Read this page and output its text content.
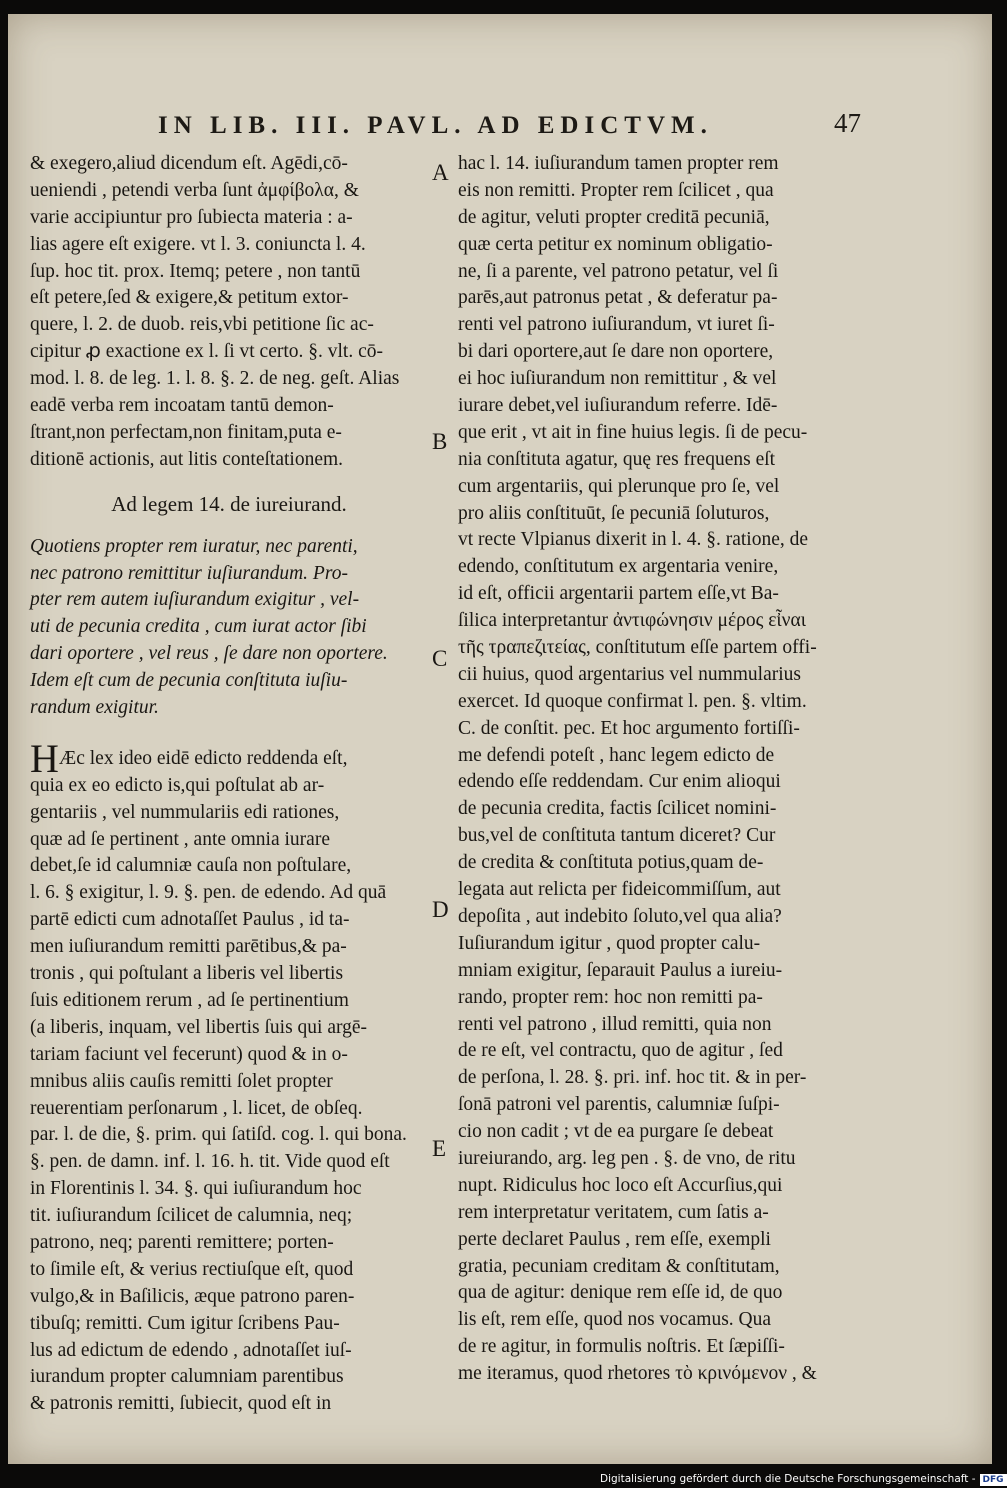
IN LIB. III. PAVL. AD EDICTVM.	47
A
B
C
D
E
& exegero,aliud dicendum eſt. Agēdi,cō-
ueniendi , petendi verba ſunt ἀμφίβολα, &
varie accipiuntur pro ſubiecta materia : a-
lias agere eſt exigere. vt l. 3. coniuncta l. 4.
ſup. hoc tit. prox. Itemq; petere , non tantū
eſt petere,ſed & exigere,& petitum extor-
quere, l. 2. de duob. reis,vbi petitione ſic ac-
cipitur ꝓ exactione ex l. ſi vt certo. §. vlt. cō-
mod. l. 8. de leg. 1. l. 8. §. 2. de neg. geſt. Alias
eadē verba rem incoatam tantū demon-
ſtrant,non perfectam,non finitam,puta e-
ditionē actionis, aut litis conteſtationem.
Ad legem 14. de iureiurand.
Quotiens propter rem iuratur, nec parenti,
nec patrono remittitur iuſiurandum. Pro-
pter rem autem iuſiurandum exigitur , vel-
uti de pecunia credita , cum iurat actor ſibi
dari oportere , vel reus , ſe dare non oportere.
Idem eſt cum de pecunia conſtituta iuſiu-
randum exigitur.
HÆc lex ideo eidē edicto reddenda eſt,
quia ex eo edicto is,qui poſtulat ab ar-
gentariis , vel nummulariis edi rationes,
quæ ad ſe pertinent , ante omnia iurare
debet,ſe id calumniæ cauſa non poſtulare,
l. 6. § exigitur, l. 9. §. pen. de edendo. Ad quā
partē edicti cum adnotaſſet Paulus , id ta-
men iuſiurandum remitti parētibus,& pa-
tronis , qui poſtulant a liberis vel libertis
ſuis editionem rerum , ad ſe pertinentium
(a liberis, inquam, vel libertis ſuis qui argē-
tariam faciunt vel fecerunt) quod & in o-
mnibus aliis cauſis remitti ſolet propter
reuerentiam perſonarum , l. licet, de obſeq.
par. l. de die, §. prim. qui ſatiſd. cog. l. qui bona.
§. pen. de damn. inf. l. 16. h. tit. Vide quod eſt
in Florentinis l. 34. §. qui iuſiurandum hoc
tit. iuſiurandum ſcilicet de calumnia, neq;
patrono, neq; parenti remittere; porten-
to ſimile eſt, & verius rectiuſque eſt, quod
vulgo,& in Baſilicis, æque patrono paren-
tibuſq; remitti. Cum igitur ſcribens Pau-
lus ad edictum de edendo , adnotaſſet iuſ-
iurandum propter calumniam parentibus
& patronis remitti, ſubiecit, quod eſt in
hac l. 14. iuſiurandum tamen propter rem
eis non remitti. Propter rem ſcilicet , qua
de agitur, veluti propter creditā pecuniā,
quæ certa petitur ex nominum obligatio-
ne, ſi a parente, vel patrono petatur, vel ſi
parēs,aut patronus petat , & deferatur pa-
renti vel patrono iuſiurandum, vt iuret ſi-
bi dari oportere,aut ſe dare non oportere,
ei hoc iuſiurandum non remittitur , & vel
iurare debet,vel iuſiurandum referre. Idē-
que erit , vt ait in fine huius legis. ſi de pecu-
nia conſtituta agatur, quę res frequens eſt
cum argentariis, qui plerunque pro ſe, vel
pro aliis conſtituūt, ſe pecuniā ſoluturos,
vt recte Vlpianus dixerit in l. 4. §. ratione, de
edendo, conſtitutum ex argentaria venire,
id eſt, officii argentarii partem eſſe,vt Ba-
ſilica interpretantur ἀντιφώνησιν μέρος εἶναι
τῆς τραπεζιτείας, conſtitutum eſſe partem offi-
cii huius, quod argentarius vel nummularius
exercet. Id quoque confirmat l. pen. §. vltim.
C. de conſtit. pec. Et hoc argumento fortiſſi-
me defendi poteſt , hanc legem edicto de
edendo eſſe reddendam. Cur enim alioqui
de pecunia credita, factis ſcilicet nomini-
bus,vel de conſtituta tantum diceret? Cur
de credita & conſtituta potius,quam de-
legata aut relicta per fideicommiſſum, aut
depoſita , aut indebito ſoluto,vel qua alia?
Iuſiurandum igitur , quod propter calu-
mniam exigitur, ſeparauit Paulus a iureiu-
rando, propter rem: hoc non remitti pa-
renti vel patrono , illud remitti, quia non
de re eſt, vel contractu, quo de agitur , ſed
de perſona, l. 28. §. pri. inf. hoc tit. & in per-
ſonā patroni vel parentis, calumniæ ſuſpi-
cio non cadit ; vt de ea purgare ſe debeat
iureiurando, arg. leg pen . §. de vno, de ritu
nupt. Ridiculus hoc loco eſt Accurſius,qui
rem interpretatur veritatem, cum ſatis a-
perte declaret Paulus , rem eſſe, exempli
gratia, pecuniam creditam & conſtitutam,
qua de agitur: denique rem eſſe id, de quo
lis eſt, rem eſſe, quod nos vocamus. Qua
de re agitur, in formulis noſtris. Et ſæpiſſi-
me iteramus, quod rhetores τὸ κρινόμενον , &
Digitalisierung gefördert durch die Deutsche Forschungsgemeinschaft - DFG
